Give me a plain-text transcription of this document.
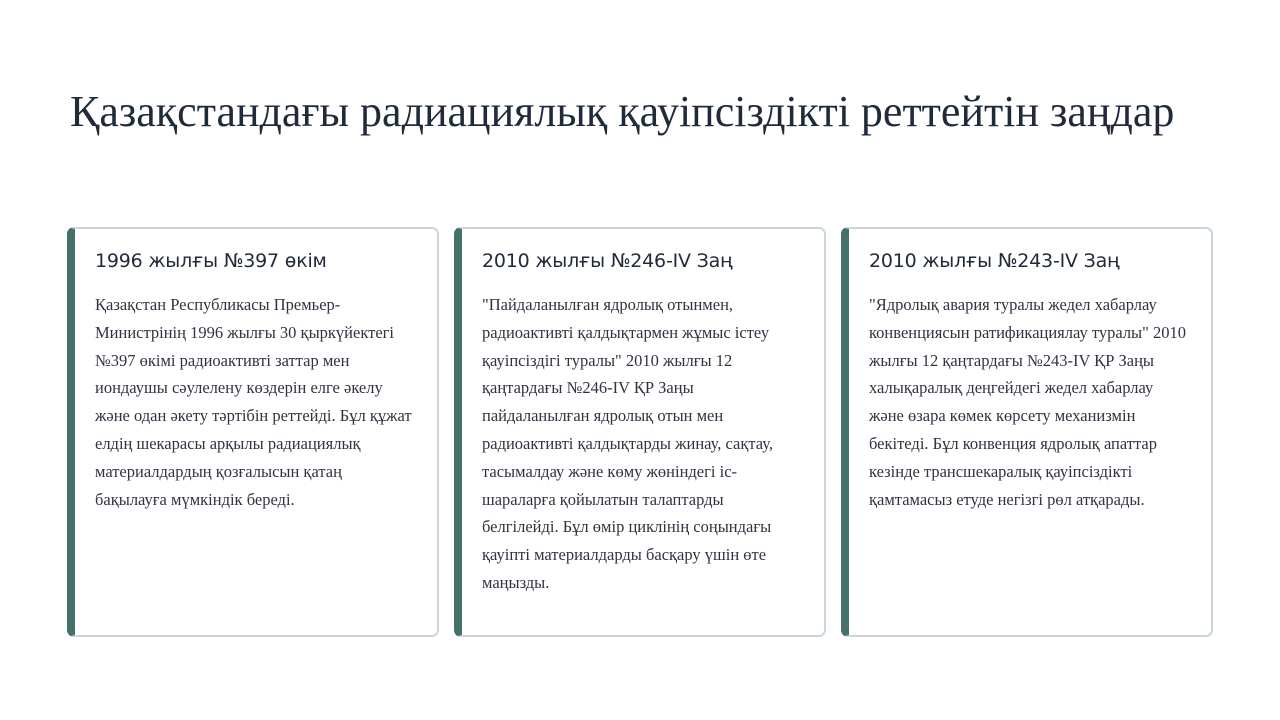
Қазақстандағы радиациялық қауіпсіздікті реттейтін заңдар
1996 жылғы №397 өкім

Қазақстан Республикасы Премьер-Министрінің 1996 жылғы 30 қыркүйектегі №397 өкімі радиоактивті заттар мен иондаушы сәулелену көздерін елге әкелу және одан әкету тәртібін реттейді. Бұл құжат елдің шекарасы арқылы радиациялық материалдардың қозғалысын қатаң бақылауға мүмкіндік береді.

2010 жылғы №246-IV Заң

"Пайдаланылған ядролық отынмен, радиоактивті қалдықтармен жұмыс істеу қауіпсіздігі туралы" 2010 жылғы 12 қаңтардағы №246-IV ҚР Заңы пайдаланылған ядролық отын мен радиоактивті қалдықтарды жинау, сақтау, тасымалдау және көму жөніндегі іс-шараларға қойылатын талаптарды белгілейді. Бұл өмір циклінің соңындағы қауіпті материалдарды басқару үшін өте маңызды.

2010 жылғы №243-IV Заң

"Ядролық авария туралы жедел хабарлау конвенциясын ратификациялау туралы" 2010 жылғы 12 қаңтардағы №243-IV ҚР Заңы халықаралық деңгейдегі жедел хабарлау және өзара көмек көрсету механизмін бекітеді. Бұл конвенция ядролық апаттар кезінде трансшекаралық қауіпсіздікті қамтамасыз етуде негізгі рөл атқарады.
